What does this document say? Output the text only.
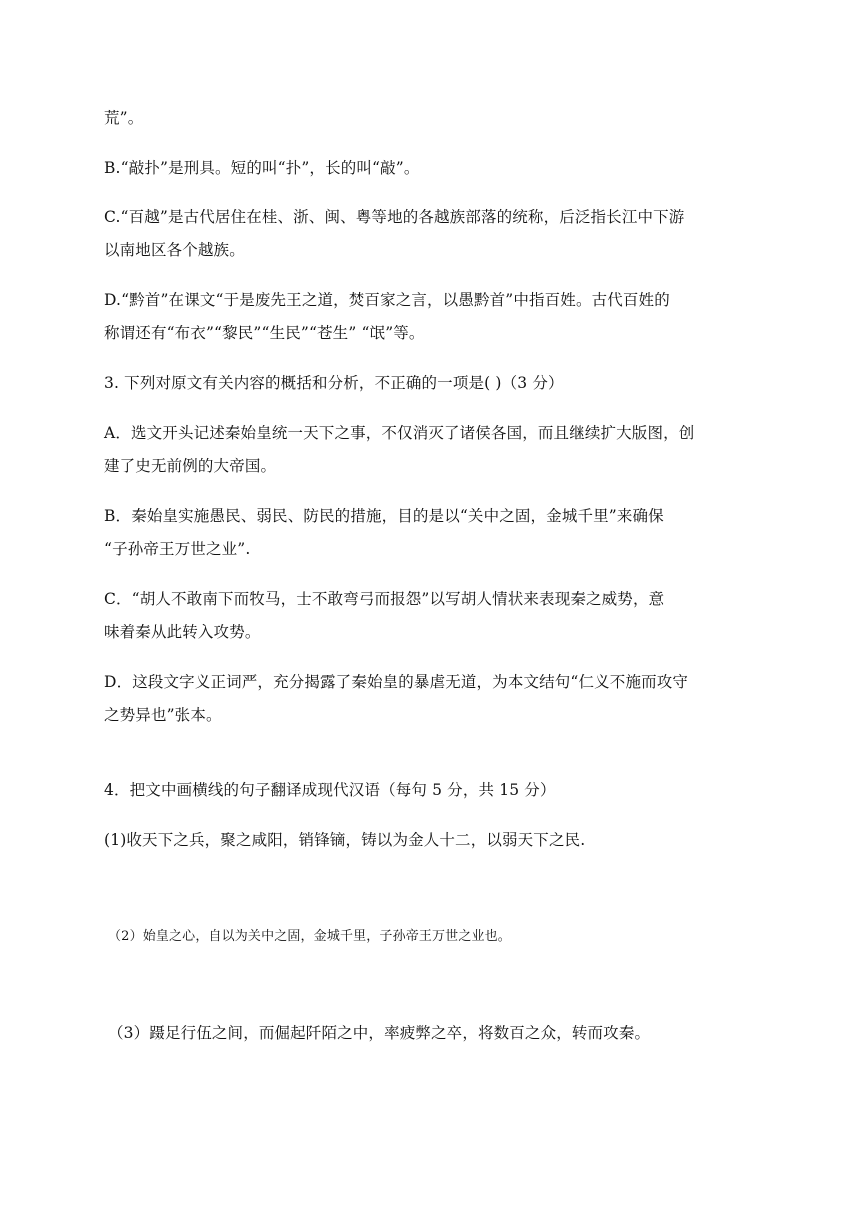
荒”。
B.“敲扑”是刑具。短的叫“扑”，长的叫“敲”。
C.“百越”是古代居住在桂、浙、闽、粤等地的各越族部落的统称，后泛指长江中下游
以南地区各个越族。
D.“黔首”在课文“于是废先王之道，焚百家之言，以愚黔首”中指百姓。古代百姓的
称谓还有“布衣”“黎民”“生民”“苍生” “氓”等。
3. 下列对原文有关内容的概括和分析，不正确的一项是( )（3 分）
A．选文开头记述秦始皇统一天下之事，不仅消灭了诸侯各国，而且继续扩大版图，创
建了史无前例的大帝国。
B．秦始皇实施愚民、弱民、防民的措施，目的是以“关中之固，金城千里”来确保
“子孙帝王万世之业”.
C．“胡人不敢南下而牧马，士不敢弯弓而报怨”以写胡人情状来表现秦之威势，意
味着秦从此转入攻势。
D．这段文字义正词严，充分揭露了秦始皇的暴虐无道，为本文结句“仁义不施而攻守
之势异也”张本。
4．把文中画横线的句子翻译成现代汉语（每句 5 分，共 15 分）
(1)收天下之兵，聚之咸阳，销锋镝，铸以为金人十二，以弱天下之民.
（2）始皇之心，自以为关中之固，金城千里，子孙帝王万世之业也。
（3）蹑足行伍之间，而倔起阡陌之中，率疲弊之卒，将数百之众，转而攻秦。
